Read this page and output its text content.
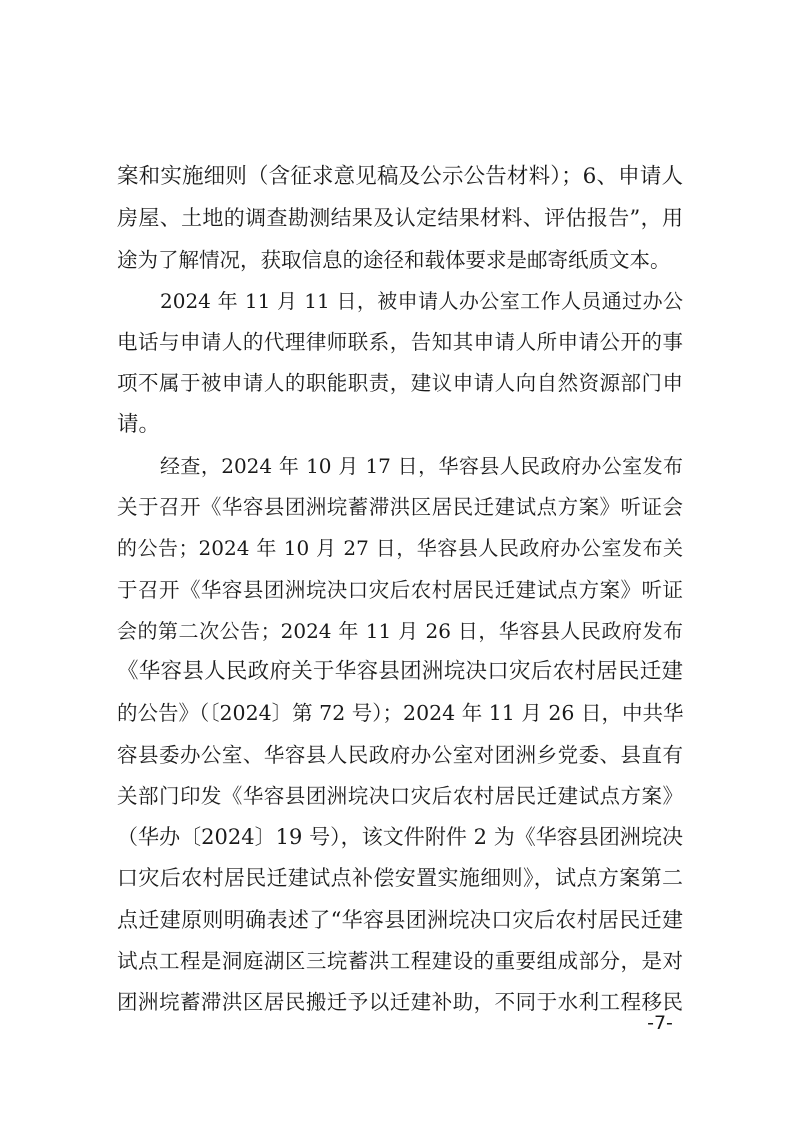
案和实施细则（含征求意见稿及公示公告材料）；6、申请人
房屋、土地的调查勘测结果及认定结果材料、评估报告”，用
途为了解情况，获取信息的途径和载体要求是邮寄纸质文本。
2024 年 11 月 11 日，被申请人办公室工作人员通过办公
电话与申请人的代理律师联系，告知其申请人所申请公开的事
项不属于被申请人的职能职责，建议申请人向自然资源部门申
请。
经查，2024 年 10 月 17 日，华容县人民政府办公室发布
关于召开《华容县团洲垸蓄滞洪区居民迁建试点方案》听证会
的公告；2024 年 10 月 27 日，华容县人民政府办公室发布关
于召开《华容县团洲垸决口灾后农村居民迁建试点方案》听证
会的第二次公告；2024 年 11 月 26 日，华容县人民政府发布
《华容县人民政府关于华容县团洲垸决口灾后农村居民迁建
的公告》（〔2024〕第 72 号）；2024 年 11 月 26 日，中共华
容县委办公室、华容县人民政府办公室对团洲乡党委、县直有
关部门印发《华容县团洲垸决口灾后农村居民迁建试点方案》
（华办〔2024〕19 号），该文件附件 2 为《华容县团洲垸决
口灾后农村居民迁建试点补偿安置实施细则》，试点方案第二
点迁建原则明确表述了“华容县团洲垸决口灾后农村居民迁建
试点工程是洞庭湖区三垸蓄洪工程建设的重要组成部分，是对
团洲垸蓄滞洪区居民搬迁予以迁建补助，不同于水利工程移民
-7-
